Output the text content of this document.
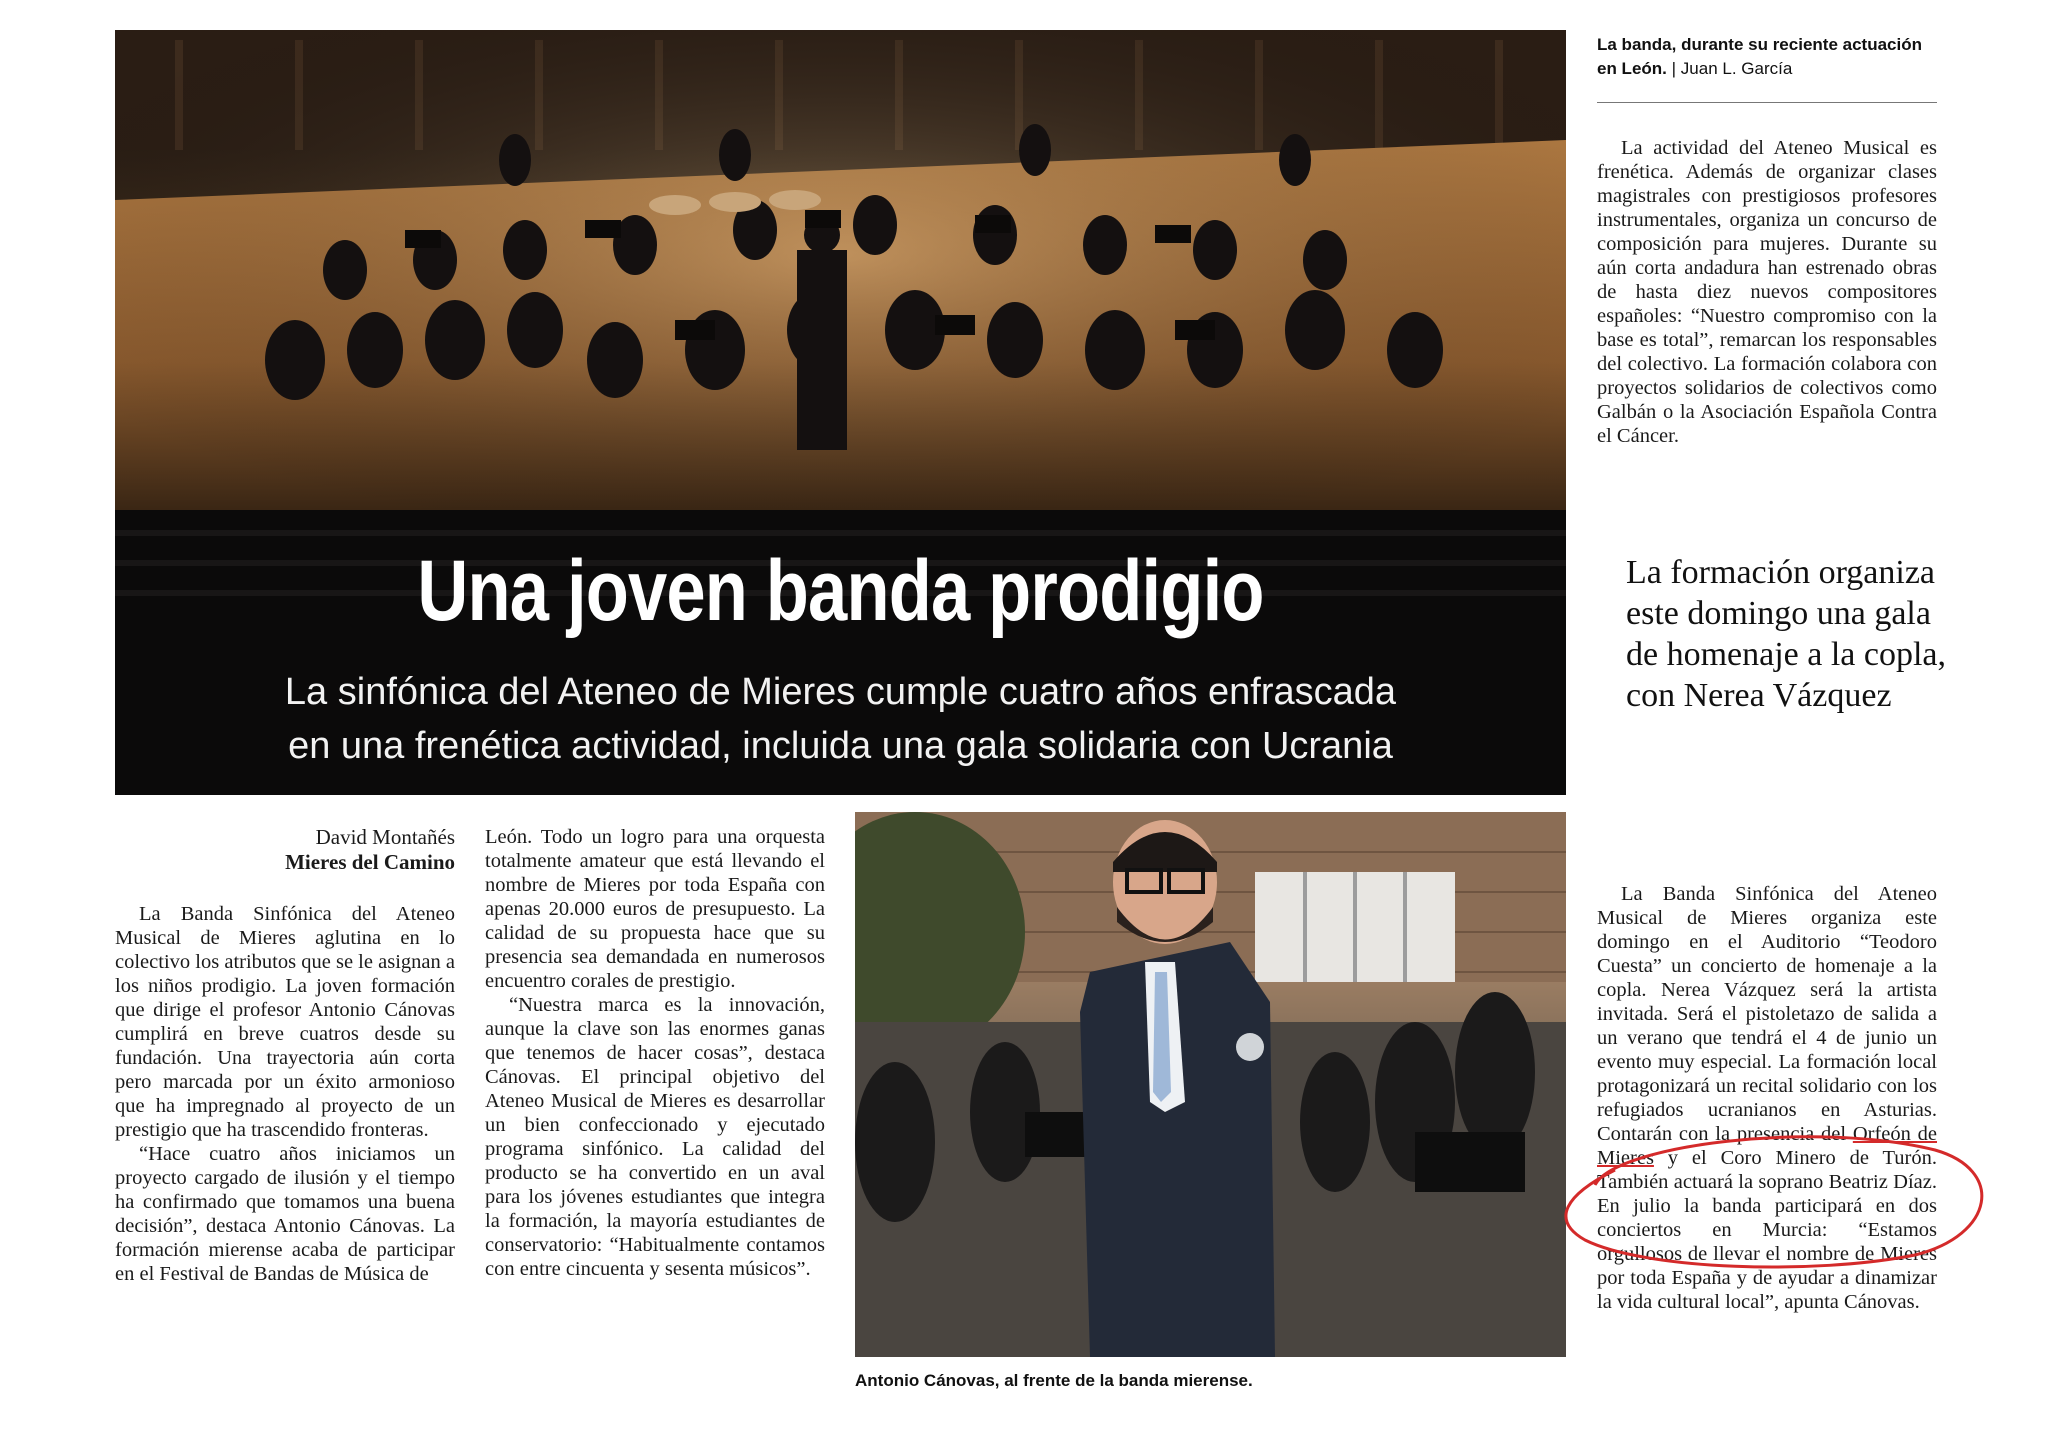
Una joven banda prodigio
La sinfónica del Ateneo de Mieres cumple cuatro años enfrascada
en una frenética actividad, incluida una gala solidaria con Ucrania
La banda, durante su reciente actuación en León. | Juan L. García

La actividad del Ateneo Musical es frenética. Además de organizar clases magistrales con prestigiosos profesores instrumentales, organiza un concurso de composición para mujeres. Durante su aún corta andadura han estrenado obras de hasta diez nuevos compositores españoles: “Nuestro compromiso con la base es total”, remarcan los responsables del colectivo. La formación colabora con proyectos solidarios de colectivos como Galbán o la Asociación Española Contra el Cáncer.

La formación organiza este domingo una gala de homenaje a la copla, con Nerea Vázquez
David Montañés
Mieres del Camino

La Banda Sinfónica del Ateneo Musical de Mieres aglutina en lo colectivo los atributos que se le asignan a los niños prodigio. La joven formación que dirige el profesor Antonio Cánovas cumplirá en breve cuatros desde su fundación. Una trayectoria aún corta pero marcada por un éxito armonioso que ha impregnado al proyecto de un prestigio que ha trascendido fronteras.

“Hace cuatro años iniciamos un proyecto cargado de ilusión y el tiempo ha confirmado que tomamos una buena decisión”, destaca Antonio Cánovas. La formación mierense acaba de participar en el Festival de Bandas de Música de

León. Todo un logro para una orquesta totalmente amateur que está llevando el nombre de Mieres por toda España con apenas 20.000 euros de presupuesto. La calidad de su propuesta hace que su presencia sea demandada en numerosos encuentro corales de prestigio.

“Nuestra marca es la innovación, aunque la clave son las enormes ganas que tenemos de hacer cosas”, destaca Cánovas. El principal objetivo del Ateneo Musical de Mieres es desarrollar un bien confeccionado y ejecutado programa sinfónico. La calidad del producto se ha convertido en un aval para los jóvenes estudiantes que integra la formación, la mayoría estudiantes de conservatorio: “Habitualmente contamos con entre cincuenta y sesenta músicos”.

Antonio Cánovas, al frente de la banda mierense.

La Banda Sinfónica del Ateneo Musical de Mieres organiza este domingo en el Auditorio “Teodoro Cuesta” un concierto de homenaje a la copla. Nerea Vázquez será la artista invitada. Será el pistoletazo de salida a un verano que tendrá el 4 de junio un evento muy especial. La formación local protagonizará un recital solidario con los refugiados ucranianos en Asturias. Contarán con la presencia del Orfeón de Mieres y el Coro Minero de Turón. También actuará la soprano Beatriz Díaz. En julio la banda participará en dos conciertos en Murcia: “Estamos orgullosos de llevar el nombre de Mieres por toda España y de ayudar a dinamizar la vida cultural local”, apunta Cánovas.
